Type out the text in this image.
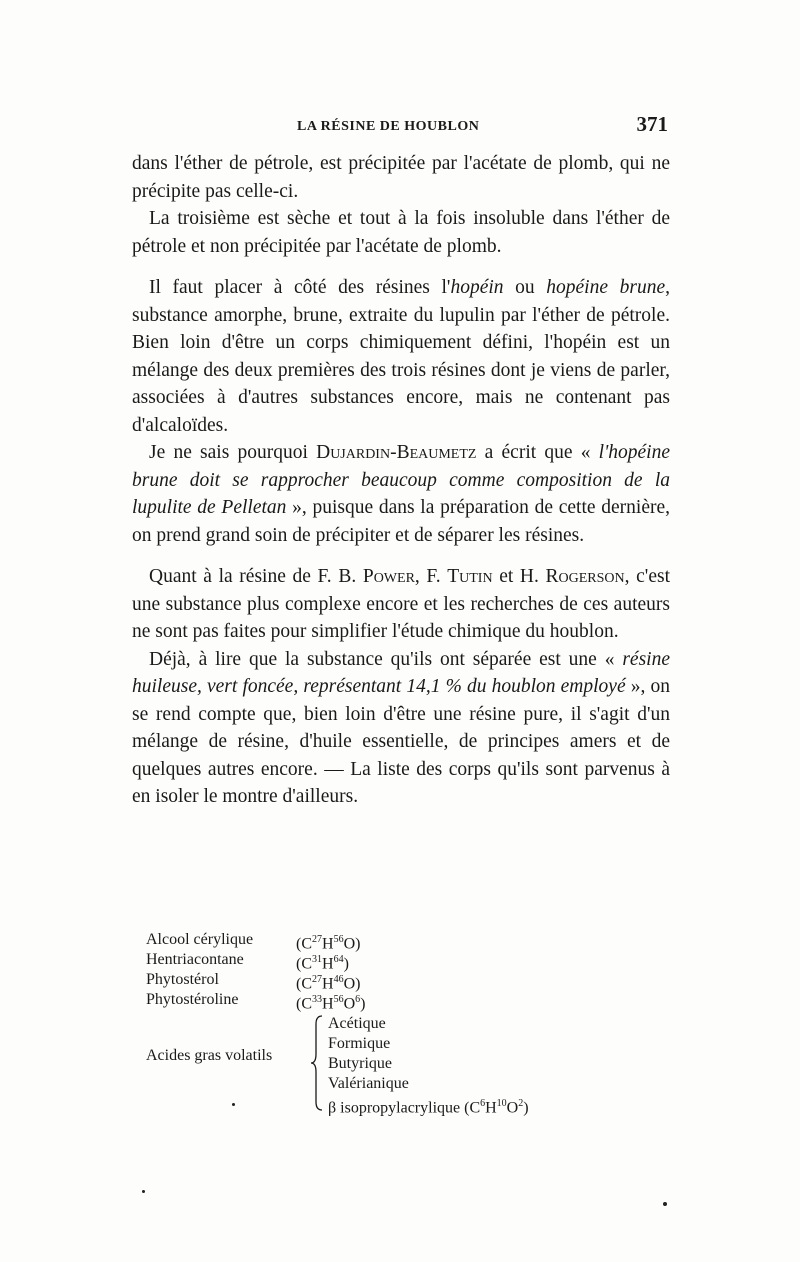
LA RÉSINE DE HOUBLON	371

dans l'éther de pétrole, est précipitée par l'acétate de plomb, qui ne précipite pas celle-ci.

La troisième est sèche et tout à la fois insoluble dans l'éther de pétrole et non précipitée par l'acétate de plomb.

Il faut placer à côté des résines l'hopéin ou hopéine brune, substance amorphe, brune, extraite du lupulin par l'éther de pétrole. Bien loin d'être un corps chimiquement défini, l'hopéin est un mélange des deux premières des trois résines dont je viens de parler, associées à d'autres substances encore, mais ne contenant pas d'alcaloïdes.

Je ne sais pourquoi Dujardin-Beaumetz a écrit que « l'hopéine brune doit se rapprocher beaucoup comme composition de la lupulite de Pelletan », puisque dans la préparation de cette dernière, on prend grand soin de précipiter et de séparer les résines.

Quant à la résine de F. B. Power, F. Tutin et H. Rogerson, c'est une substance plus complexe encore et les recherches de ces auteurs ne sont pas faites pour simplifier l'étude chimique du houblon.

Déjà, à lire que la substance qu'ils ont séparée est une « résine huileuse, vert foncée, représentant 14,1 % du houblon employé », on se rend compte que, bien loin d'être une résine pure, il s'agit d'un mélange de résine, d'huile essentielle, de principes amers et de quelques autres encore. — La liste des corps qu'ils sont parvenus à en isoler le montre d'ailleurs.

Alcool cérylique	$(C^{27}H^{56}O)$
Hentriacontane	$(C^{31}H^{64})$
Phytostérol	$(C^{27}H^{46}O)$
Phytostéroline	$(C^{33}H^{56}O^6)$
Acides gras volatils
Acétique
Formique
Butyrique
Valérianique
β isopropylacrylique $(C^6H^{10}O^2)$
